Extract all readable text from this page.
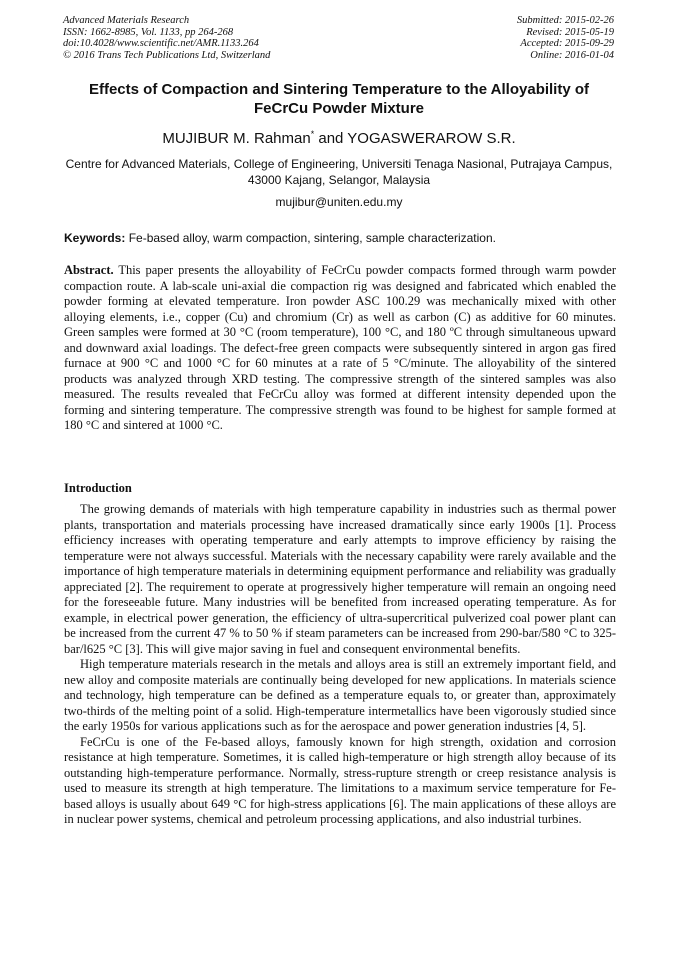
Advanced Materials Research
ISSN: 1662-8985, Vol. 1133, pp 264-268
doi:10.4028/www.scientific.net/AMR.1133.264
© 2016 Trans Tech Publications Ltd, Switzerland
Submitted: 2015-02-26
Revised: 2015-05-19
Accepted: 2015-09-29
Online: 2016-01-04
Effects of Compaction and Sintering Temperature to the Alloyability of FeCrCu Powder Mixture
MUJIBUR M. Rahman* and YOGASWERAROW S.R.
Centre for Advanced Materials, College of Engineering, Universiti Tenaga Nasional, Putrajaya Campus, 43000 Kajang, Selangor, Malaysia
mujibur@uniten.edu.my
Keywords: Fe-based alloy, warm compaction, sintering, sample characterization.

Abstract. This paper presents the alloyability of FeCrCu powder compacts formed through warm powder compaction route. A lab-scale uni-axial die compaction rig was designed and fabricated which enabled the powder forming at elevated temperature. Iron powder ASC 100.29 was mechanically mixed with other alloying elements, i.e., copper (Cu) and chromium (Cr) as well as carbon (C) as additive for 60 minutes. Green samples were formed at 30 °C (room temperature), 100 °C, and 180 ºC through simultaneous upward and downward axial loadings. The defect-free green compacts were subsequently sintered in argon gas fired furnace at 900 °C and 1000 °C for 60 minutes at a rate of 5 °C/minute. The alloyability of the sintered products was analyzed through XRD testing. The compressive strength of the sintered samples was also measured. The results revealed that FeCrCu alloy was formed at different intensity depended upon the forming and sintering temperature. The compressive strength was found to be highest for sample formed at 180 °C and sintered at 1000 °C.

Introduction

The growing demands of materials with high temperature capability in industries such as thermal power plants, transportation and materials processing have increased dramatically since early 1900s [1]. Process efficiency increases with operating temperature and early attempts to improve efficiency by raising the temperature were not always successful. Materials with the necessary capability were rarely available and the importance of high temperature materials in determining equipment performance and reliability was gradually appreciated [2]. The requirement to operate at progressively higher temperature will remain an ongoing need for the foreseeable future. Many industries will be benefited from increased operating temperature. As for example, in electrical power generation, the efficiency of ultra-supercritical pulverized coal power plant can be increased from the current 47 % to 50 % if steam parameters can be increased from 290-bar/580 °C to 325-bar/l625 °C [3]. This will give major saving in fuel and consequent environmental benefits.

High temperature materials research in the metals and alloys area is still an extremely important field, and new alloy and composite materials are continually being developed for new applications. In materials science and technology, high temperature can be defined as a temperature equals to, or greater than, approximately two-thirds of the melting point of a solid. High-temperature intermetallics have been vigorously studied since the early 1950s for various applications such as for the aerospace and power generation industries [4, 5].

FeCrCu is one of the Fe-based alloys, famously known for high strength, oxidation and corrosion resistance at high temperature. Sometimes, it is called high-temperature or high strength alloy because of its outstanding high-temperature performance. Normally, stress-rupture strength or creep resistance analysis is used to measure its strength at high temperature. The limitations to a maximum service temperature for Fe-based alloys is usually about 649 °C for high-stress applications [6]. The main applications of these alloys are in nuclear power systems, chemical and petroleum processing applications, and also industrial turbines.
